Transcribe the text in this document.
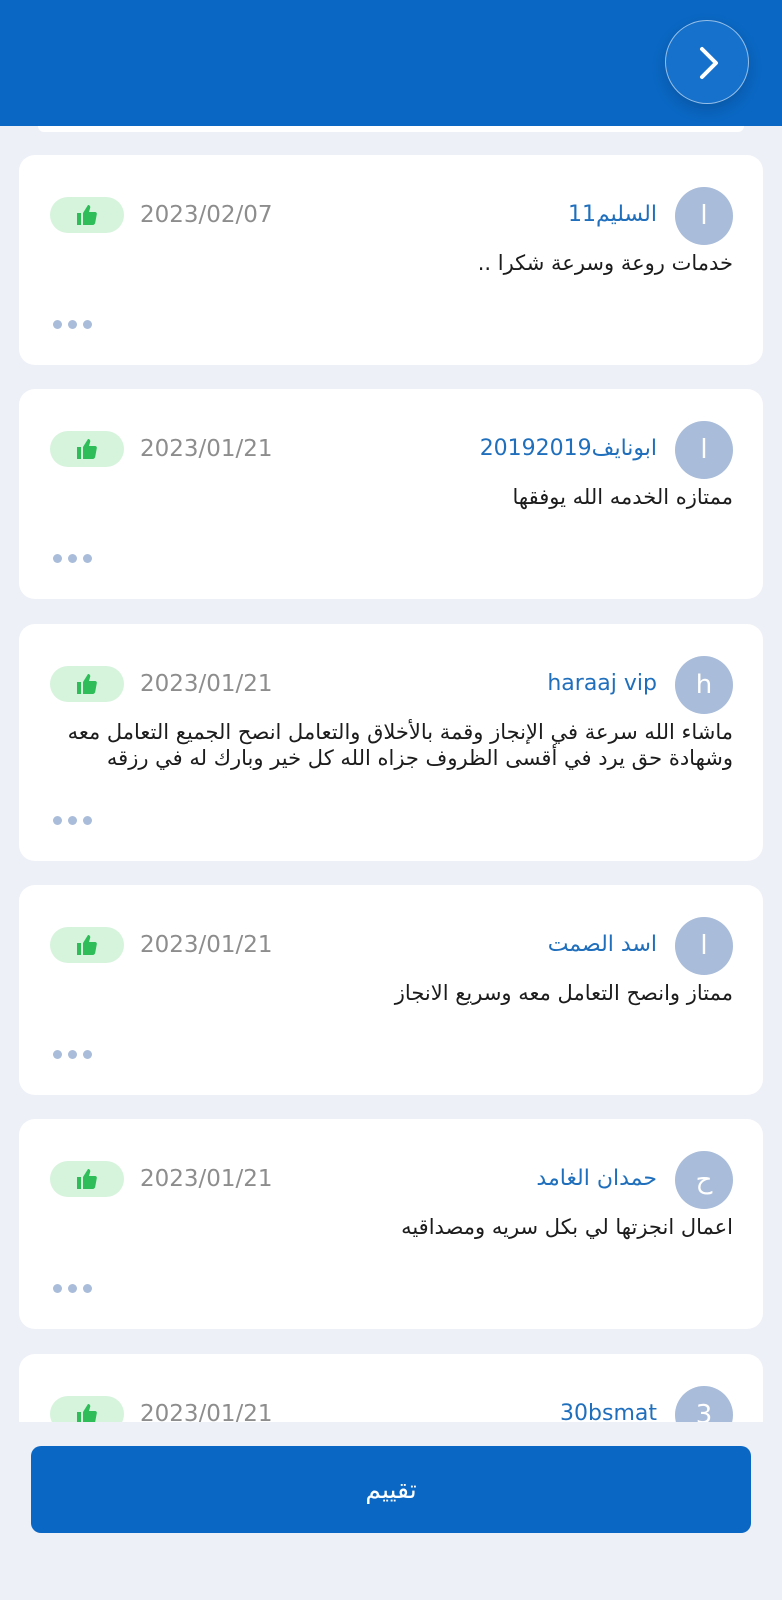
ا
السليم11
2023/02/07
خدمات روعة وسرعة شكرا ..
ا
ابونايف20192019
2023/01/21
ممتازه الخدمه الله يوفقها
h
haraaj vip
2023/01/21
ماشاء الله سرعة في الإنجاز وقمة بالأخلاق والتعامل انصح الجميع التعامل معه وشهادة حق يرد في أقسى الظروف جزاه الله كل خير وبارك له في رزقه
ا
اسد الصمت
2023/01/21
ممتاز وانصح التعامل معه وسريع الانجاز
ح
حمدان الغامد
2023/01/21
اعمال انجزتها لي بكل سريه ومصداقيه
3
30bsmat
2023/01/21
تقييم
